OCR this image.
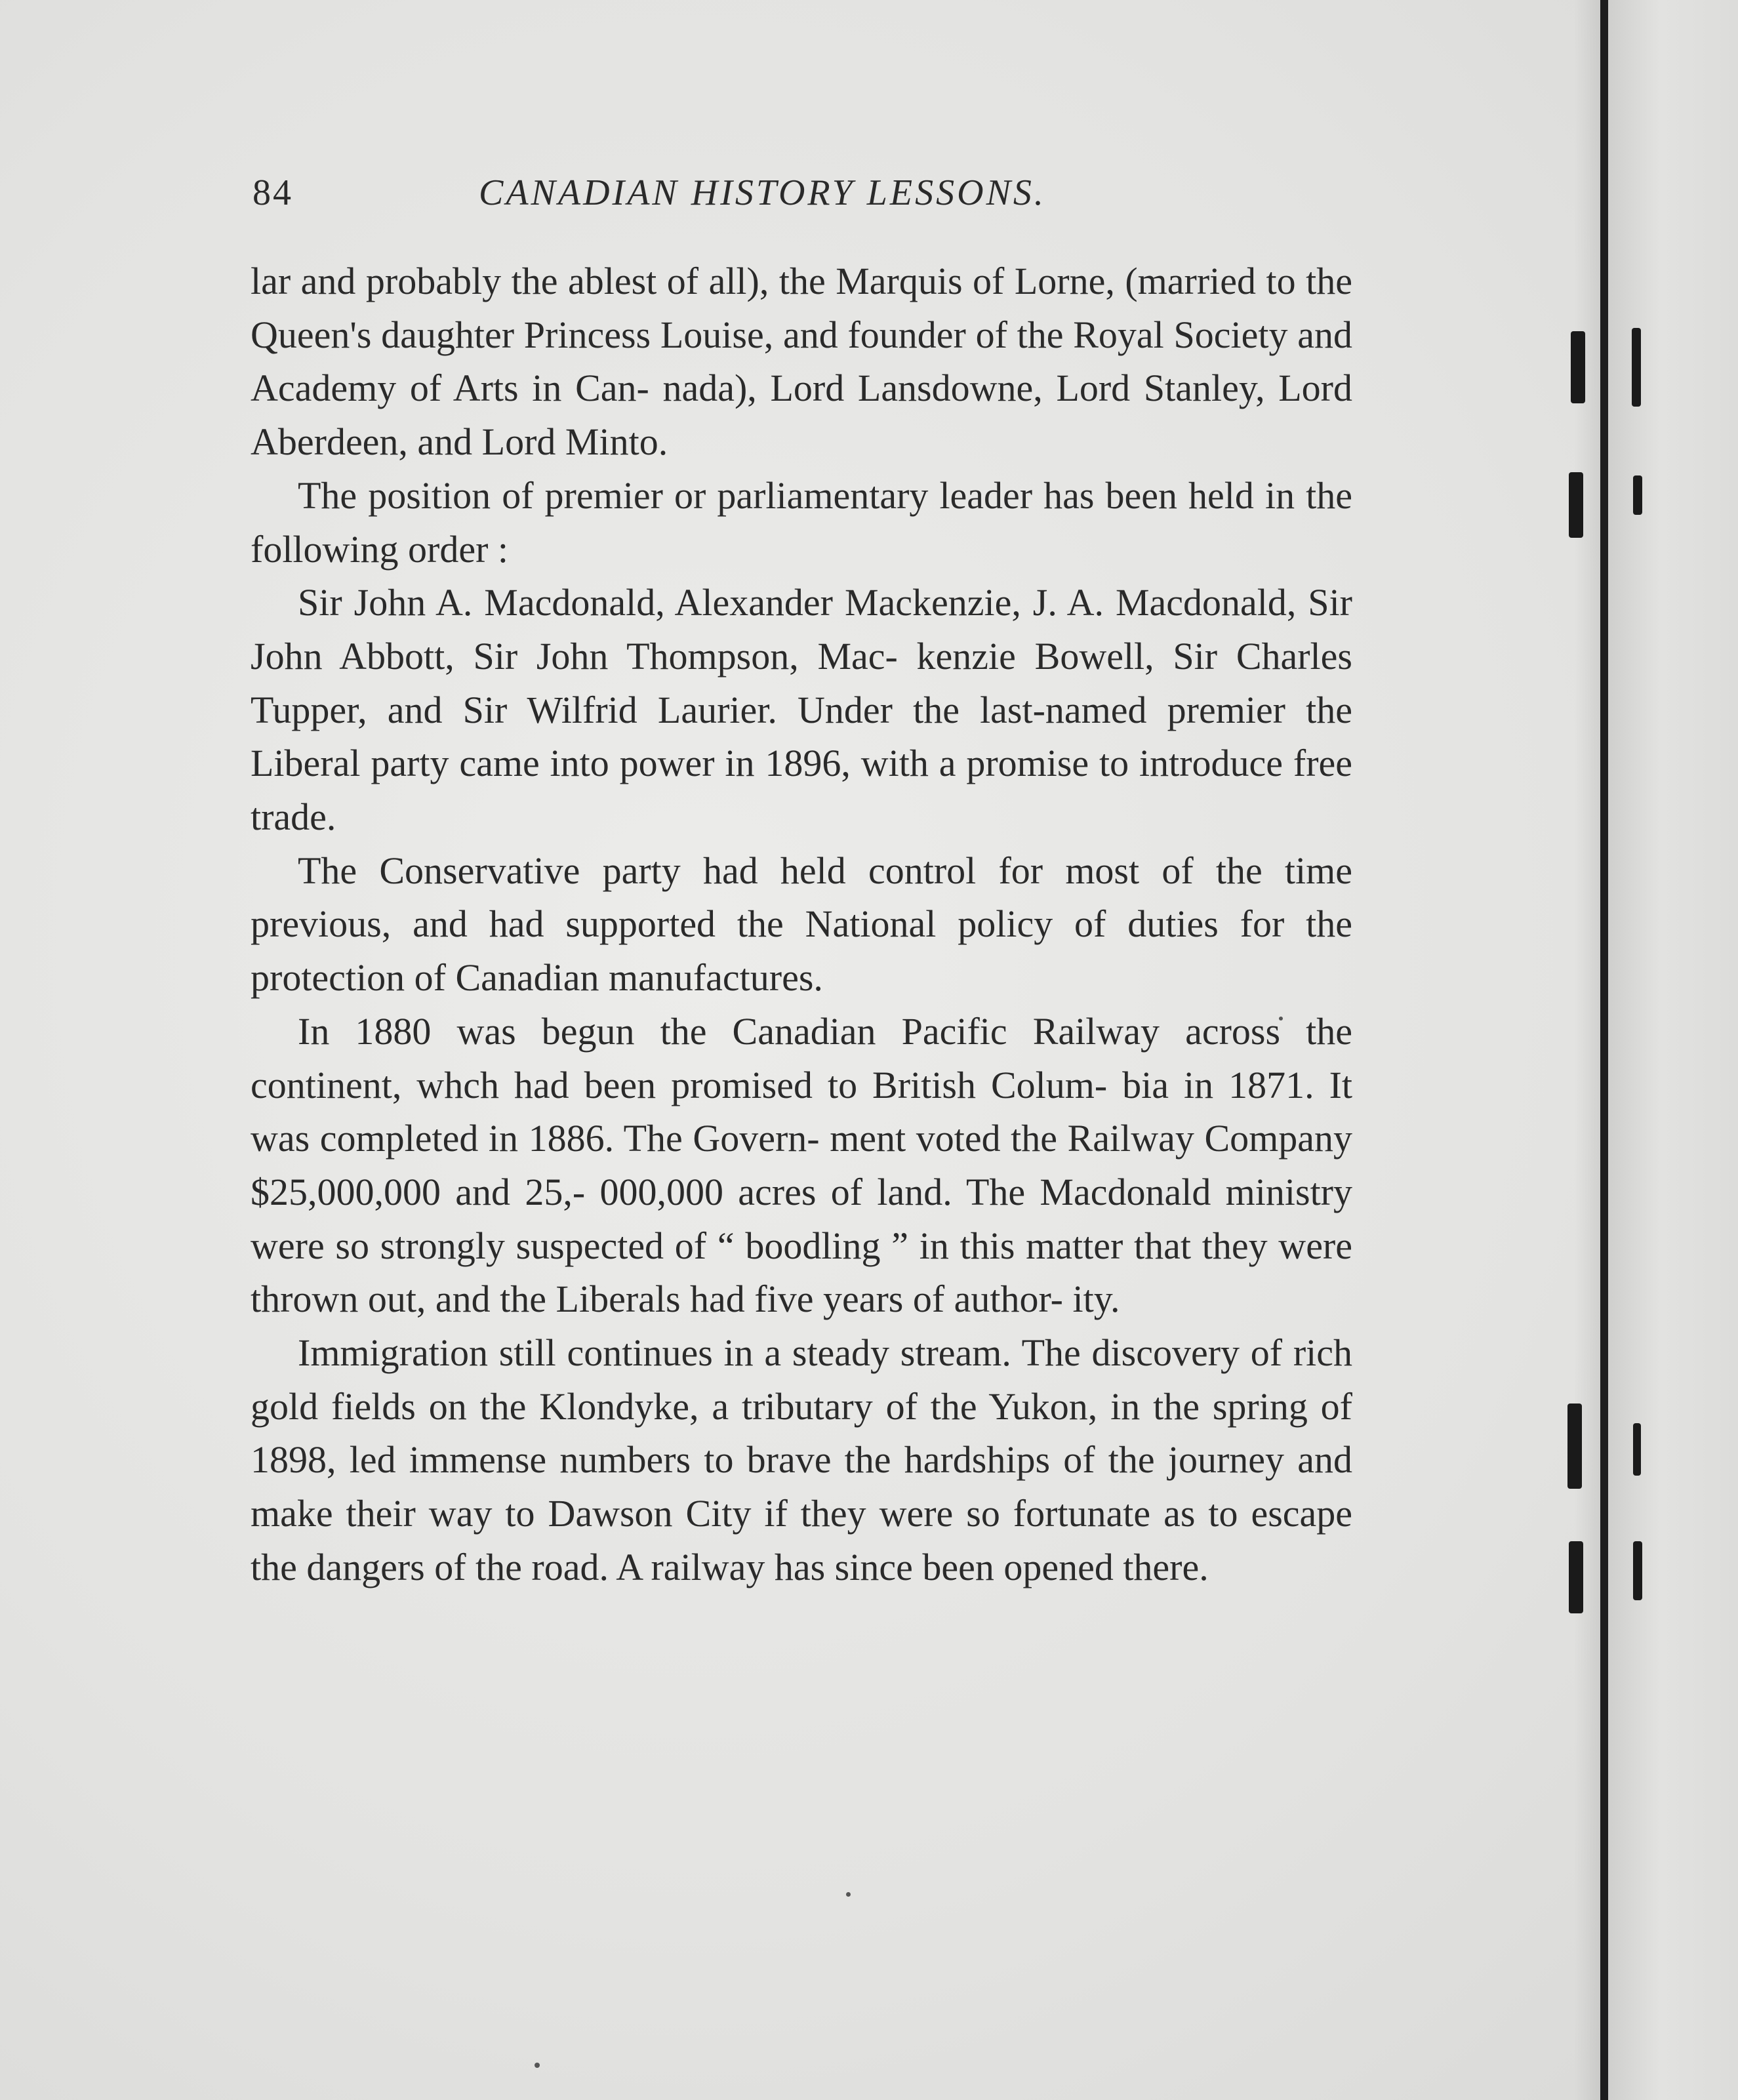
84	CANADIAN HISTORY LESSONS.

lar and probably the ablest of all), the Marquis of Lorne, (married to the Queen's daughter Princess Louise, and founder of the Royal Society and Academy of Arts in Can- nada), Lord Lansdowne, Lord Stanley, Lord Aberdeen, and Lord Minto.

The position of premier or parliamentary leader has been held in the following order :

Sir John A. Macdonald, Alexander Mackenzie, J. A. Macdonald, Sir John Abbott, Sir John Thompson, Mac- kenzie Bowell, Sir Charles Tupper, and Sir Wilfrid Laurier. Under the last-named premier the Liberal party came into power in 1896, with a promise to introduce free trade.

The Conservative party had held control for most of the time previous, and had supported the National policy of duties for the protection of Canadian manufactures.

In 1880 was begun the Canadian Pacific Railway across the continent, whch had been promised to British Colum- bia in 1871. It was completed in 1886. The Govern- ment voted the Railway Company $25,000,000 and 25,- 000,000 acres of land. The Macdonald ministry were so strongly suspected of “ boodling ” in this matter that they were thrown out, and the Liberals had five years of author- ity.

Immigration still continues in a steady stream. The discovery of rich gold fields on the Klondyke, a tributary of the Yukon, in the spring of 1898, led immense numbers to brave the hardships of the journey and make their way to Dawson City if they were so fortunate as to escape the dangers of the road. A railway has since been opened there.
